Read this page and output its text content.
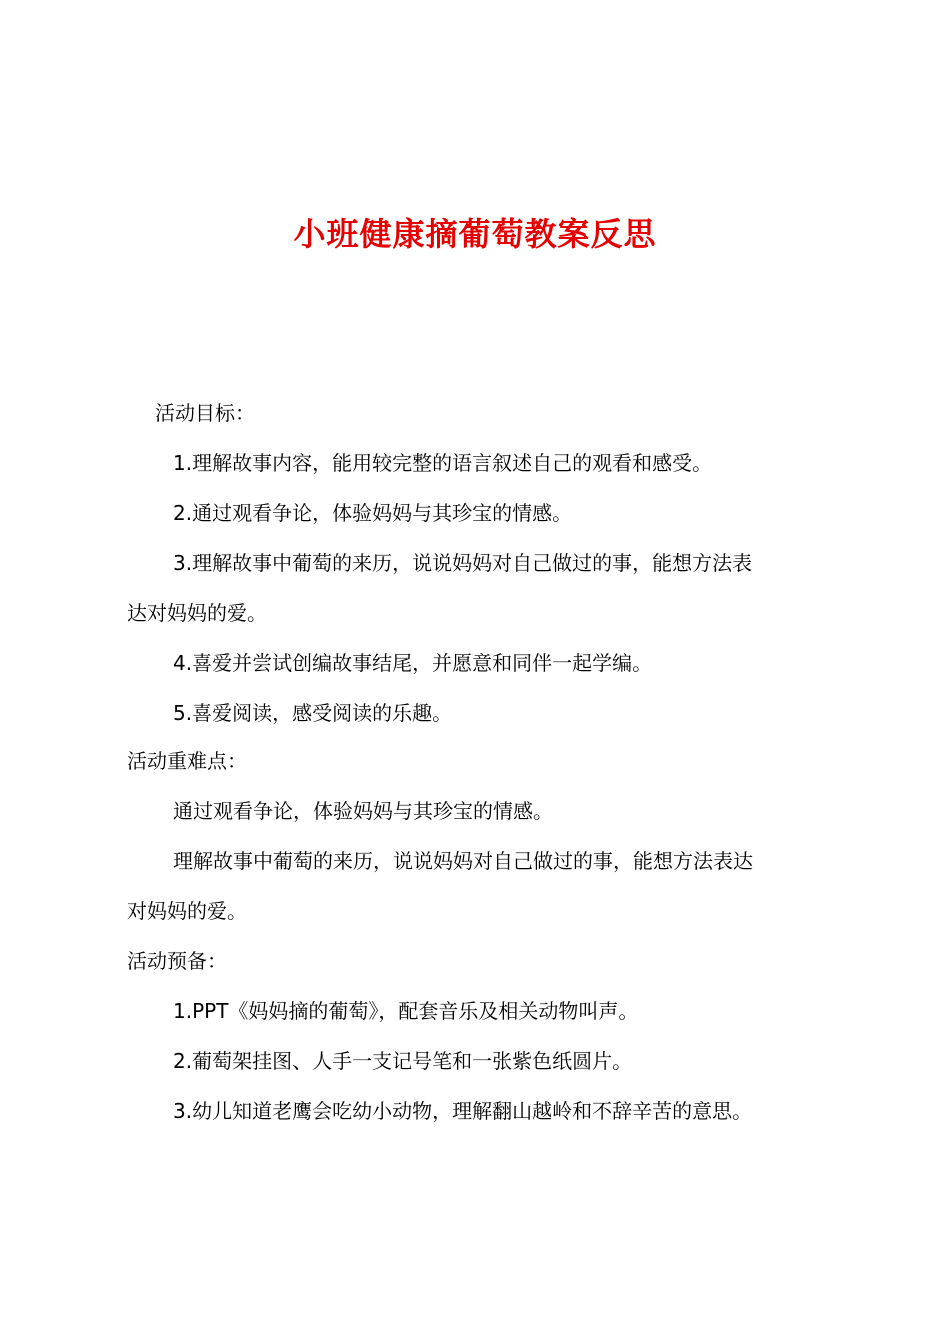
小班健康摘葡萄教案反思
活动目标：
1.理解故事内容，能用较完整的语言叙述自己的观看和感受。
2.通过观看争论，体验妈妈与其珍宝的情感。
3.理解故事中葡萄的来历，说说妈妈对自己做过的事，能想方法表
达对妈妈的爱。
4.喜爱并尝试创编故事结尾，并愿意和同伴一起学编。
5.喜爱阅读，感受阅读的乐趣。
活动重难点：
通过观看争论，体验妈妈与其珍宝的情感。
理解故事中葡萄的来历，说说妈妈对自己做过的事，能想方法表达
对妈妈的爱。
活动预备：
1.PPT《妈妈摘的葡萄》，配套音乐及相关动物叫声。
2.葡萄架挂图、人手一支记号笔和一张紫色纸圆片。
3.幼儿知道老鹰会吃幼小动物，理解翻山越岭和不辞辛苦的意思。
